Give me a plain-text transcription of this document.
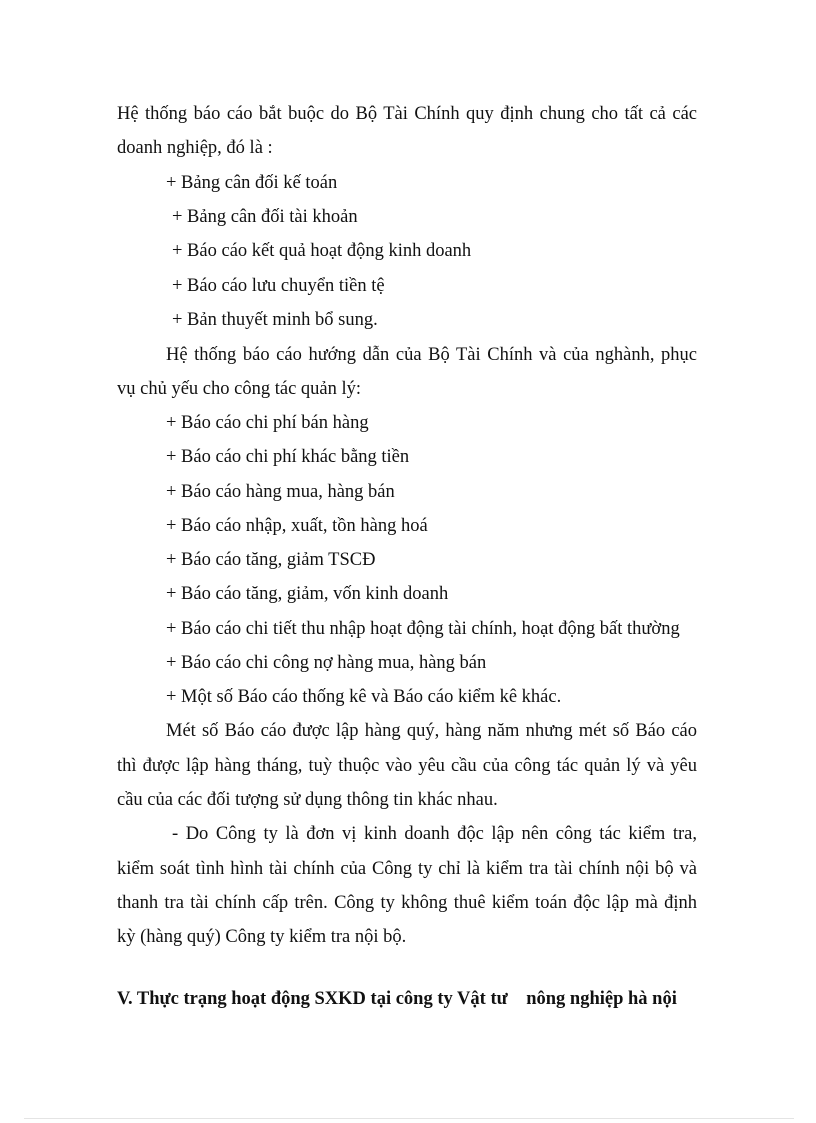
Hệ thống báo cáo bắt buộc do Bộ Tài Chính quy định chung cho tất cả các
doanh nghiệp, đó là :
+ Bảng cân đối kế toán
+ Bảng cân đối tài khoản
+ Báo cáo kết quả hoạt động kinh doanh
+ Báo cáo lưu chuyển tiền tệ
+ Bản thuyết minh bổ sung.
Hệ thống báo cáo hướng dẫn của Bộ Tài Chính và của nghành, phục
vụ chủ yếu cho công tác quản lý:
+ Báo cáo chi phí bán hàng
+ Báo cáo chi phí khác bằng tiền
+ Báo cáo hàng mua, hàng bán
+ Báo cáo nhập, xuất, tồn hàng hoá
+ Báo cáo tăng, giảm TSCĐ
+ Báo cáo tăng, giảm, vốn kinh doanh
+ Báo cáo chi tiết thu nhập hoạt động tài chính, hoạt động bất thường
+ Báo cáo chi công nợ hàng mua, hàng bán
+ Một số Báo cáo thống kê và Báo cáo kiểm kê khác.
Mét số Báo cáo được lập hàng quý, hàng năm nhưng mét số Báo cáo
thì được lập hàng tháng, tuỳ thuộc vào yêu cầu của công tác quản lý và yêu
cầu của các đối tượng sử dụng thông tin khác nhau.
- Do Công ty là đơn vị kinh doanh độc lập nên công tác kiểm tra,
kiểm soát tình hình tài chính của Công ty chỉ là kiểm tra tài chính nội bộ và
thanh tra tài chính cấp trên. Công ty không thuê kiểm toán độc lập mà định
kỳ (hàng quý) Công ty kiểm tra nội bộ.
V. Thực trạng hoạt động SXKD tại công ty Vật tư    nông nghiệp hà nội
